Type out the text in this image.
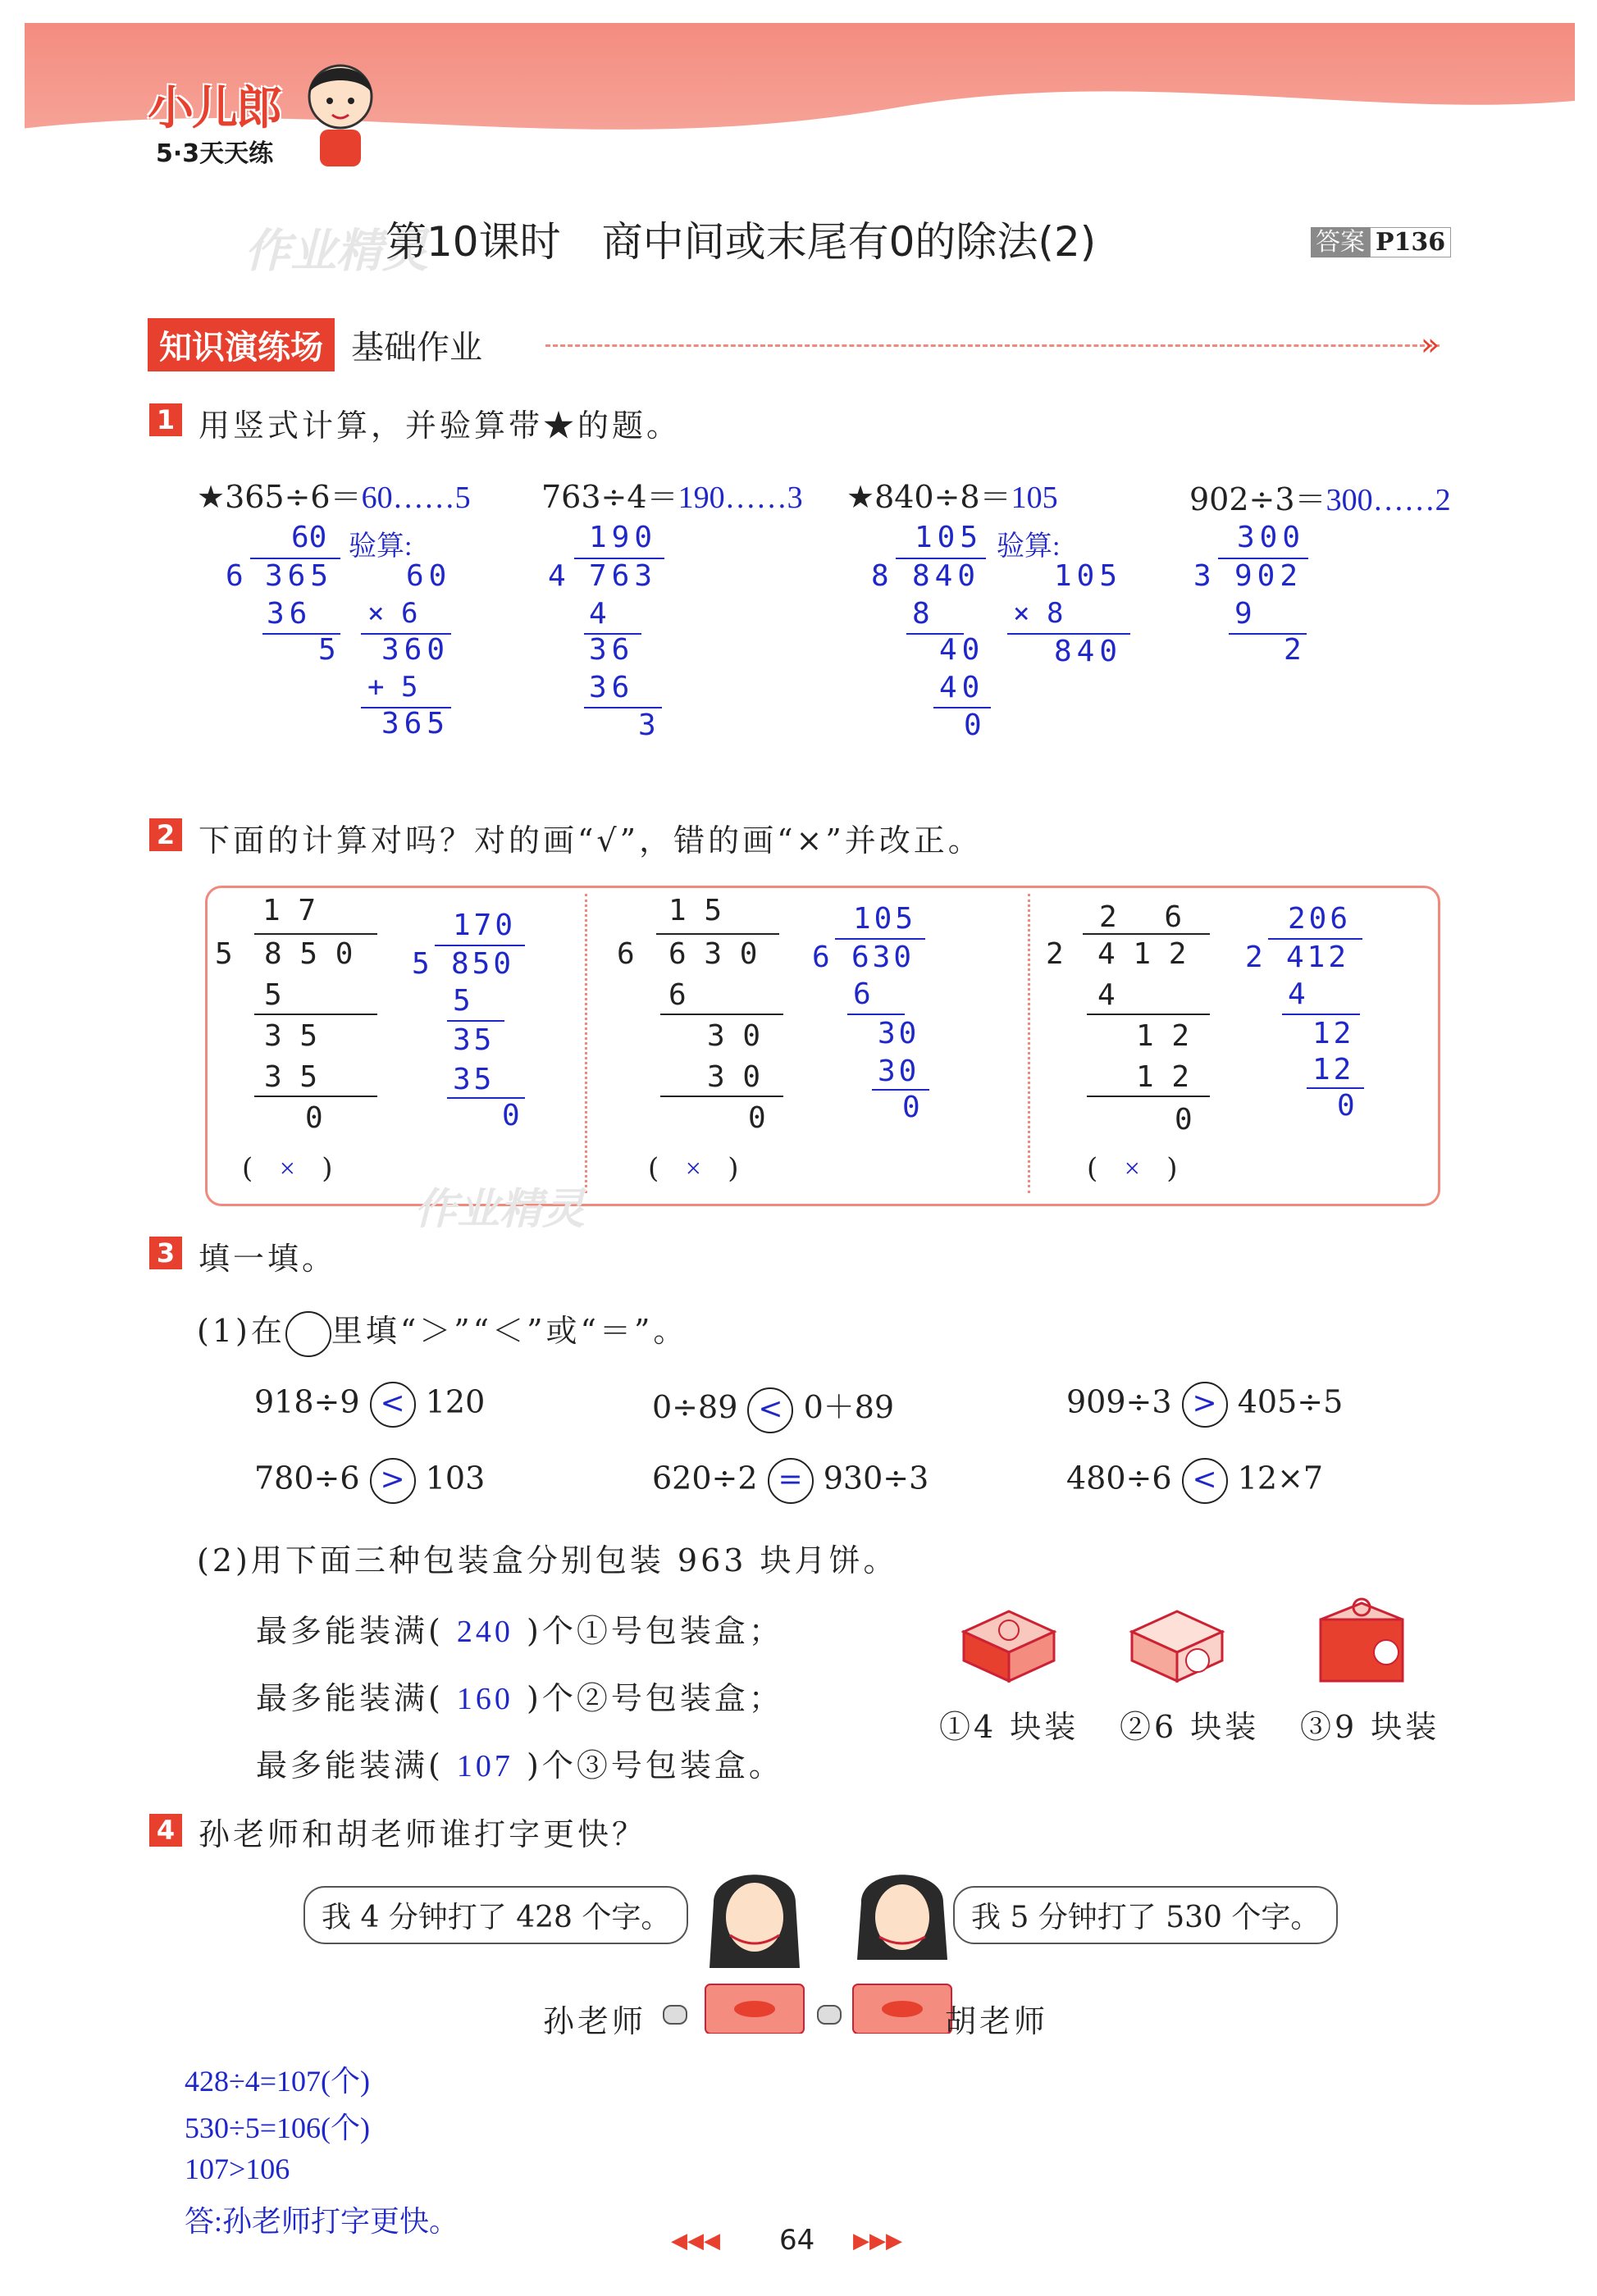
小儿郎
5·3天天练
作业精灵
第10课时　商中间或末尾有0的除法(2)	答案 P136
知识演练场 基础作业	»
1 用竖式计算，并验算带★的题。
★365÷6＝60……5
60 验算:
6 365
36
5
60
× 6
360
+ 5
365
763÷4＝190……3
190
4 763
4
36
36
3
★840÷8＝105
105 验算:
8 840
8
40
40
0
105
× 8
840
902÷3＝300……2
300
3 902
9
2
2 下面的计算对吗？对的画“√”，错的画“×”并改正。
1 7
5 8 5 0
5
3 5
3 5
0
(   ×   )
170
5 850
5
35
35
0
1 5
6 6 3 0
6
3 0
3 0
0
(   ×   )
105
6 630
6
30
30
0
2 　6
2 4 1 2
4
1 2
1 2
0
(   ×   )
206
2 412
4
12
12
0
作业精灵
3 填一填。
(1)在 里填“＞”“＜”或“＝”。
918÷9 < 120	0÷89 < 0＋89	909÷3 > 405÷5
780÷6 > 103	620÷2 = 930÷3	480÷6 < 12×7
(2)用下面三种包装盒分别包装 963 块月饼。
最多能装满( 240 )个①号包装盒；
最多能装满( 160 )个②号包装盒；
最多能装满( 107 )个③号包装盒。
①4 块装 ②6 块装 ③9 块装
4 孙老师和胡老师谁打字更快？
我 4 分钟打了 428 个字。	我 5 分钟打了 530 个字。
孙老师	胡老师
428÷4=107(个)
530÷5=106(个)
107>106
答:孙老师打字更快。
◀◀◀ 64 ▶▶▶
